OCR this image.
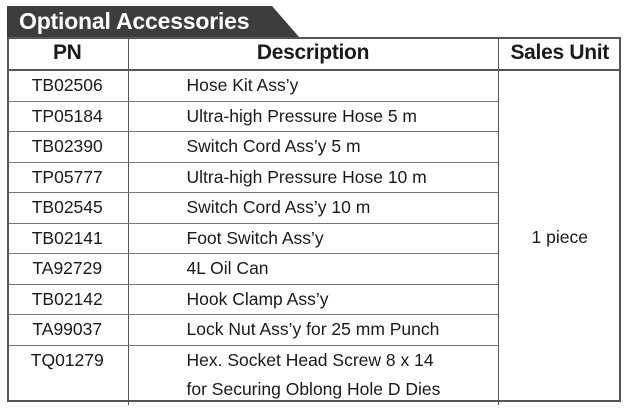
Optional Accessories
PN	Description	Sales Unit
TB02506	Hose Kit Ass’y	1 piece
TP05184	Ultra-high Pressure Hose 5 m	

TB02390	Switch Cord Ass’y 5 m	

TP05777	Ultra-high Pressure Hose 10 m	

TB02545	Switch Cord Ass’y 10 m	

TB02141	Foot Switch Ass’y	

TA92729	4L Oil Can	

TB02142	Hook Clamp Ass’y	

TA99037	Lock Nut Ass’y for 25 mm Punch	

TQ01279	Hex. Socket Head Screw 8 x 14
for Securing Oblong Hole D Dies	
